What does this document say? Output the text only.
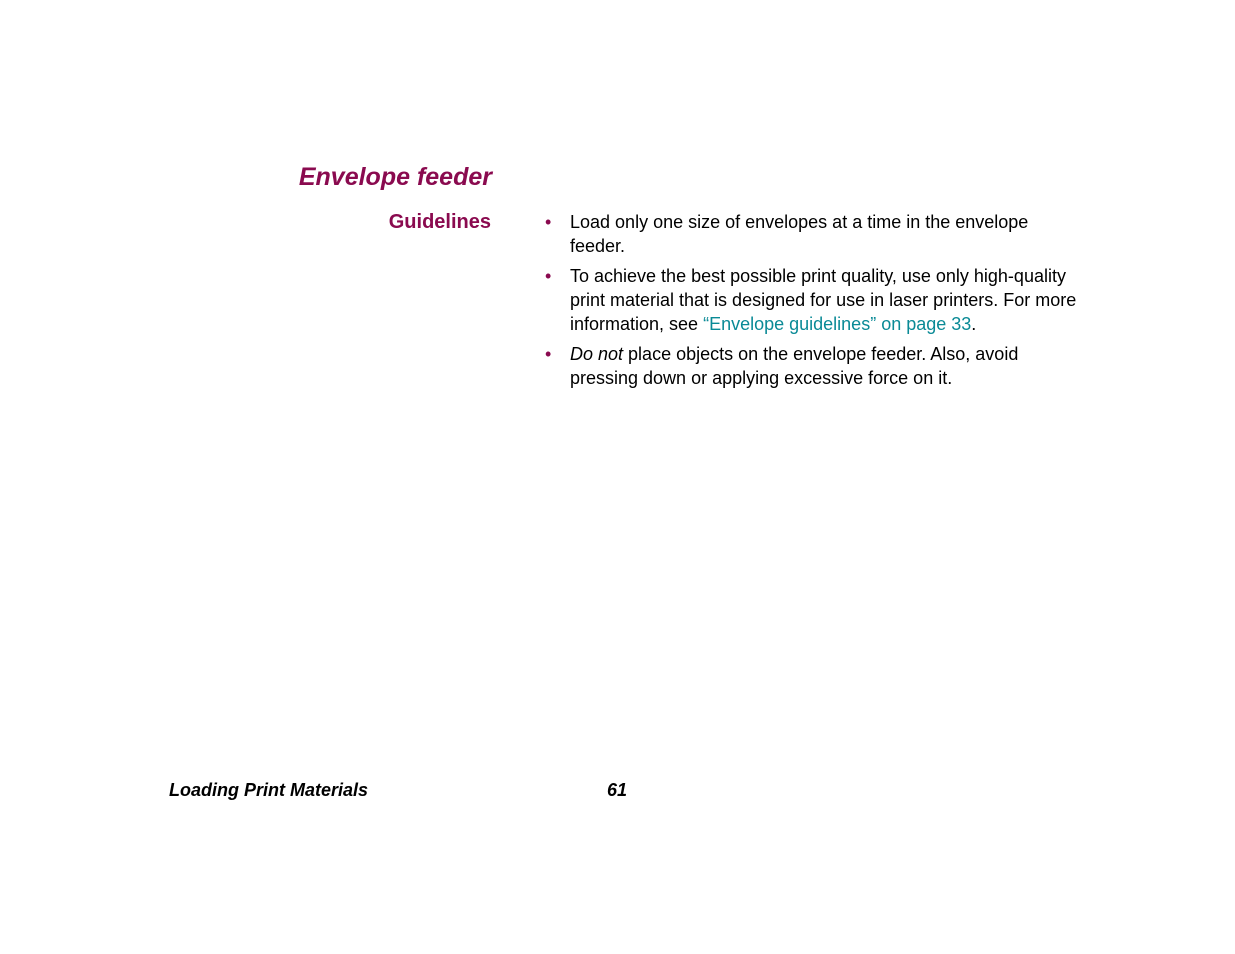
Envelope feeder
Guidelines	• Load only one size of envelopes at a time in the envelope feeder.
• To achieve the best possible print quality, use only high-quality print material that is designed for use in laser printers. For more information, see “Envelope guidelines” on page 33.
• Do not place objects on the envelope feeder. Also, avoid pressing down or applying excessive force on it.
Loading Print Materials	61
